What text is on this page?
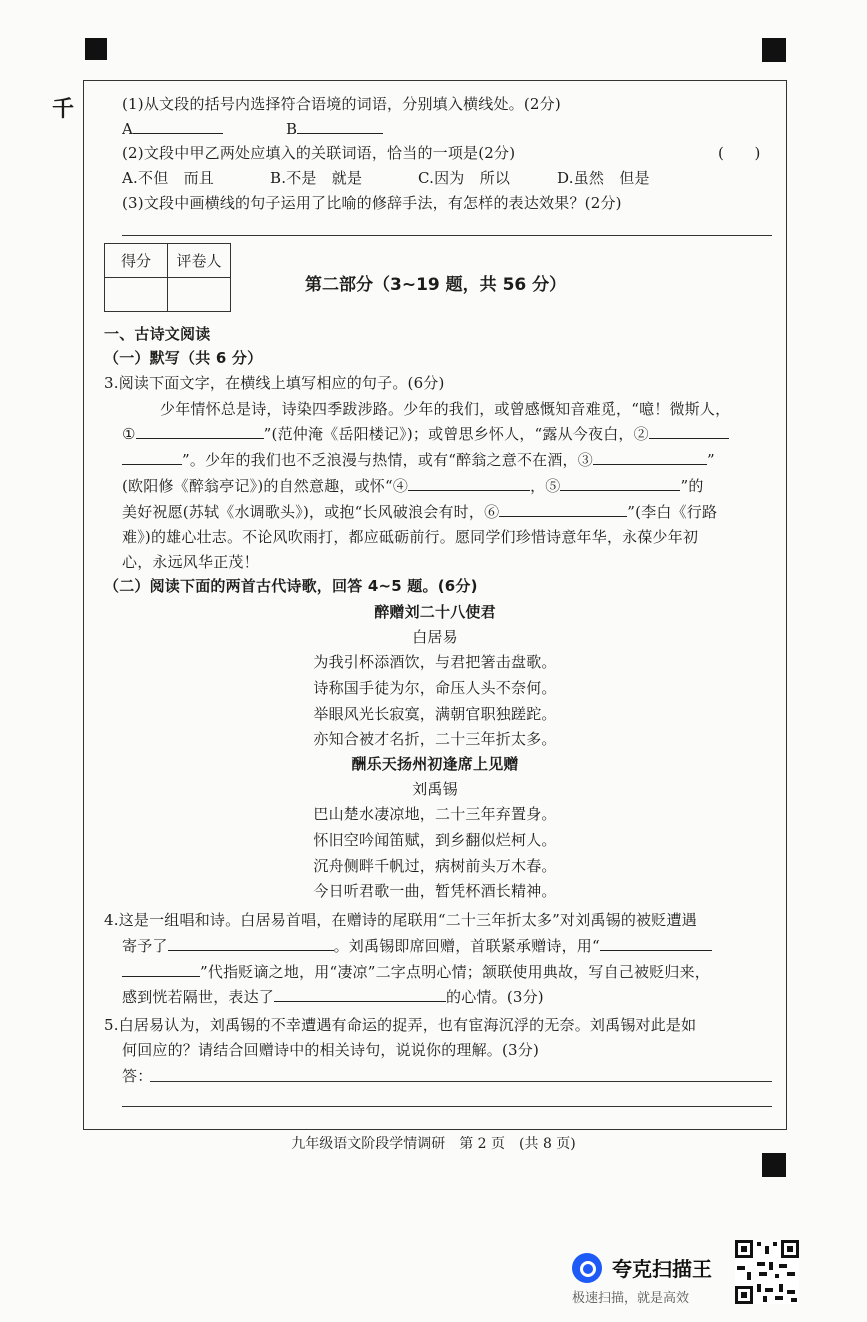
千	(1)从文段的括号内选择符合语境的词语，分别填入横线处。(2分)
A	B
(2)文段中甲乙两处应填入的关联词语，恰当的一项是(2分)	(　　)
A.不但　而且	B.不是　就是	C.因为　所以	D.虽然　但是
(3)文段中画横线的句子运用了比喻的修辞手法，有怎样的表达效果？(2分)
得分	评卷人

第二部分（3~19 题，共 56 分）
一、古诗文阅读
（一）默写（共 6 分）
3.阅读下面文字，在横线上填写相应的句子。(6分)
少年情怀总是诗，诗染四季跋涉路。少年的我们，或曾感慨知音难觅，“噫！微斯人，
①	”(范仲淹《岳阳楼记》)；或曾思乡怀人，“露从今夜白，②
”。少年的我们也不乏浪漫与热情，或有“醉翁之意不在酒，③	”
(欧阳修《醉翁亭记》)的自然意趣，或怀“④	，⑤	”的
美好祝愿(苏轼《水调歌头》)，或抱“长风破浪会有时，⑥	”(李白《行路
难》)的雄心壮志。不论风吹雨打，都应砥砺前行。愿同学们珍惜诗意年华，永葆少年初
心，永远风华正茂！
（二）阅读下面的两首古代诗歌，回答 4~5 题。(6分)
醉赠刘二十八使君
白居易
为我引杯添酒饮，与君把箸击盘歌。
诗称国手徒为尔，命压人头不奈何。
举眼风光长寂寞，满朝官职独蹉跎。
亦知合被才名折，二十三年折太多。
酬乐天扬州初逢席上见赠
刘禹锡
巴山楚水凄凉地，二十三年弃置身。
怀旧空吟闻笛赋，到乡翻似烂柯人。
沉舟侧畔千帆过，病树前头万木春。
今日听君歌一曲，暂凭杯酒长精神。
4.这是一组唱和诗。白居易首唱，在赠诗的尾联用“二十三年折太多”对刘禹锡的被贬遭遇
寄予了	。刘禹锡即席回赠，首联紧承赠诗，用“
”代指贬谪之地，用“凄凉”二字点明心情；颔联使用典故，写自己被贬归来，
感到恍若隔世，表达了	的心情。(3分)
5.白居易认为，刘禹锡的不幸遭遇有命运的捉弄，也有宦海沉浮的无奈。刘禹锡对此是如
何回应的？请结合回赠诗中的相关诗句，说说你的理解。(3分)
答：
九年级语文阶段学情调研　第 2 页　(共 8 页)
夸克扫描王
极速扫描，就是高效
